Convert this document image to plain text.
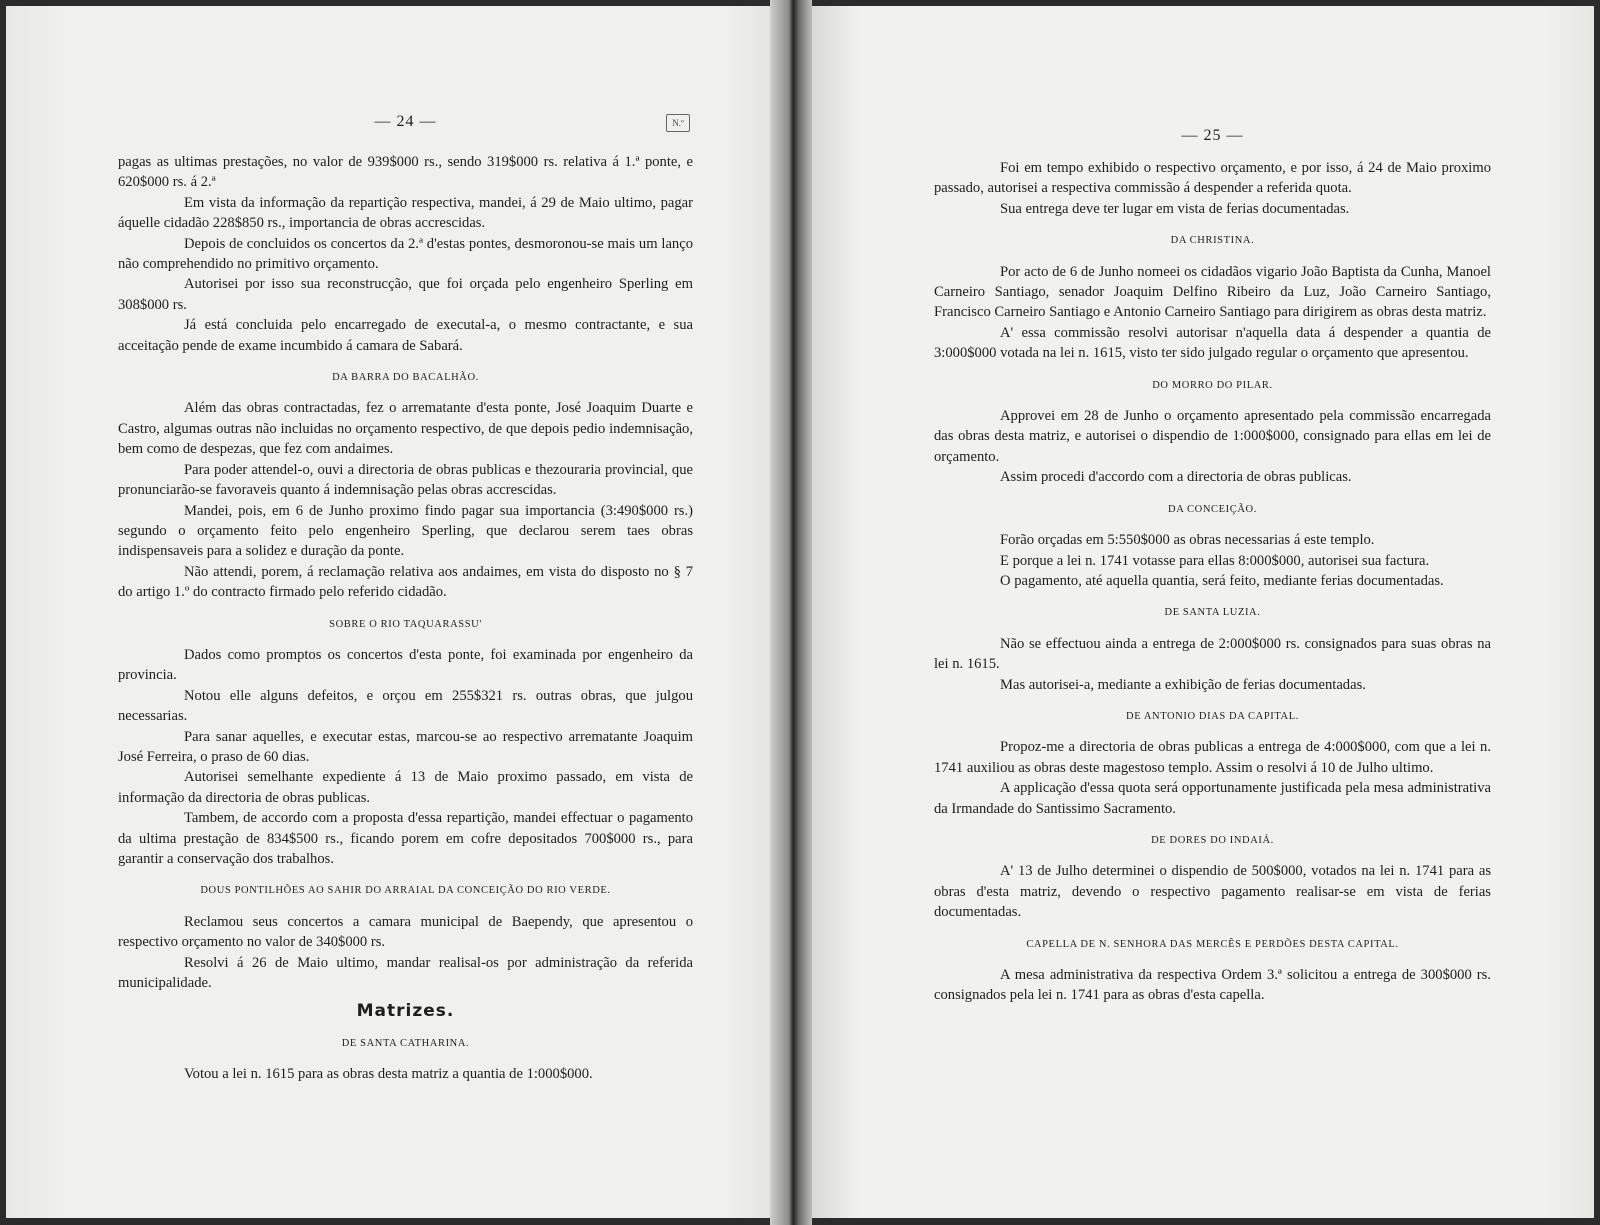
N.º
— 24 —

pagas as ultimas prestações, no valor de 939$000 rs., sendo 319$000 rs. relativa á 1.ª ponte, e 620$000 rs. á 2.ª

Em vista da informação da repartição respectiva, mandei, á 29 de Maio ultimo, pagar áquelle cidadão 228$850 rs., importancia de obras accrescidas.

Depois de concluidos os concertos da 2.ª d'estas pontes, desmoronou-se mais um lanço não comprehendido no primitivo orçamento.

Autorisei por isso sua reconstrucção, que foi orçada pelo engenheiro Sperling em 308$000 rs.

Já está concluida pelo encarregado de executal-a, o mesmo contractante, e sua acceitação pende de exame incumbido á camara de Sabará.

DA BARRA DO BACALHÃO.

Além das obras contractadas, fez o arrematante d'esta ponte, José Joaquim Duarte e Castro, algumas outras não incluidas no orçamento respectivo, de que depois pedio indemnisação, bem como de despezas, que fez com andaimes.

Para poder attendel-o, ouvi a directoria de obras publicas e thezouraria provincial, que pronunciarão-se favoraveis quanto á indemnisação pelas obras accrescidas.

Mandei, pois, em 6 de Junho proximo findo pagar sua importancia (3:490$000 rs.) segundo o orçamento feito pelo engenheiro Sperling, que declarou serem taes obras indispensaveis para a solidez e duração da ponte.

Não attendi, porem, á reclamação relativa aos andaimes, em vista do disposto no § 7 do artigo 1.º do contracto firmado pelo referido cidadão.

SOBRE O RIO TAQUARASSU'

Dados como promptos os concertos d'esta ponte, foi examinada por engenheiro da provincia.

Notou elle alguns defeitos, e orçou em 255$321 rs. outras obras, que julgou necessarias.

Para sanar aquelles, e executar estas, marcou-se ao respectivo arrematante Joaquim José Ferreira, o praso de 60 dias.

Autorisei semelhante expediente á 13 de Maio proximo passado, em vista de informação da directoria de obras publicas.

Tambem, de accordo com a proposta d'essa repartição, mandei effectuar o pagamento da ultima prestação de 834$500 rs., ficando porem em cofre depositados 700$000 rs., para garantir a conservação dos trabalhos.

DOUS PONTILHÕES AO SAHIR DO ARRAIAL DA CONCEIÇÃO DO RIO VERDE.

Reclamou seus concertos a camara municipal de Baependy, que apresentou o respectivo orçamento no valor de 340$000 rs.

Resolvi á 26 de Maio ultimo, mandar realisal-os por administração da referida municipalidade.

Matrizes.
DE SANTA CATHARINA.

Votou a lei n. 1615 para as obras desta matriz a quantia de 1:000$000.

— 25 —

Foi em tempo exhibido o respectivo orçamento, e por isso, á 24 de Maio proximo passado, autorisei a respectiva commissão á despender a referida quota.

Sua entrega deve ter lugar em vista de ferias documentadas.

DA CHRISTINA.

Por acto de 6 de Junho nomeei os cidadãos vigario João Baptista da Cunha, Manoel Carneiro Santiago, senador Joaquim Delfino Ribeiro da Luz, João Carneiro Santiago, Francisco Carneiro Santiago e Antonio Carneiro Santiago para dirigirem as obras desta matriz.

A' essa commissão resolvi autorisar n'aquella data á despender a quantia de 3:000$000 votada na lei n. 1615, visto ter sido julgado regular o orçamento que apresentou.

DO MORRO DO PILAR.

Approvei em 28 de Junho o orçamento apresentado pela commissão encarregada das obras desta matriz, e autorisei o dispendio de 1:000$000, consignado para ellas em lei de orçamento.

Assim procedi d'accordo com a directoria de obras publicas.

DA CONCEIÇÃO.

Forão orçadas em 5:550$000 as obras necessarias á este templo.

E porque a lei n. 1741 votasse para ellas 8:000$000, autorisei sua factura.

O pagamento, até aquella quantia, será feito, mediante ferias documentadas.

DE SANTA LUZIA.

Não se effectuou ainda a entrega de 2:000$000 rs. consignados para suas obras na lei n. 1615.

Mas autorisei-a, mediante a exhibição de ferias documentadas.

DE ANTONIO DIAS DA CAPITAL.

Propoz-me a directoria de obras publicas a entrega de 4:000$000, com que a lei n. 1741 auxiliou as obras deste magestoso templo. Assim o resolvi á 10 de Julho ultimo.

A applicação d'essa quota será opportunamente justificada pela mesa administrativa da Irmandade do Santissimo Sacramento.

DE DORES DO INDAIÁ.

A' 13 de Julho determinei o dispendio de 500$000, votados na lei n. 1741 para as obras d'esta matriz, devendo o respectivo pagamento realisar-se em vista de ferias documentadas.

CAPELLA DE N. SENHORA DAS MERCÊS E PERDÕES DESTA CAPITAL.

A mesa administrativa da respectiva Ordem 3.ª solicitou a entrega de 300$000 rs. consignados pela lei n. 1741 para as obras d'esta capella.
